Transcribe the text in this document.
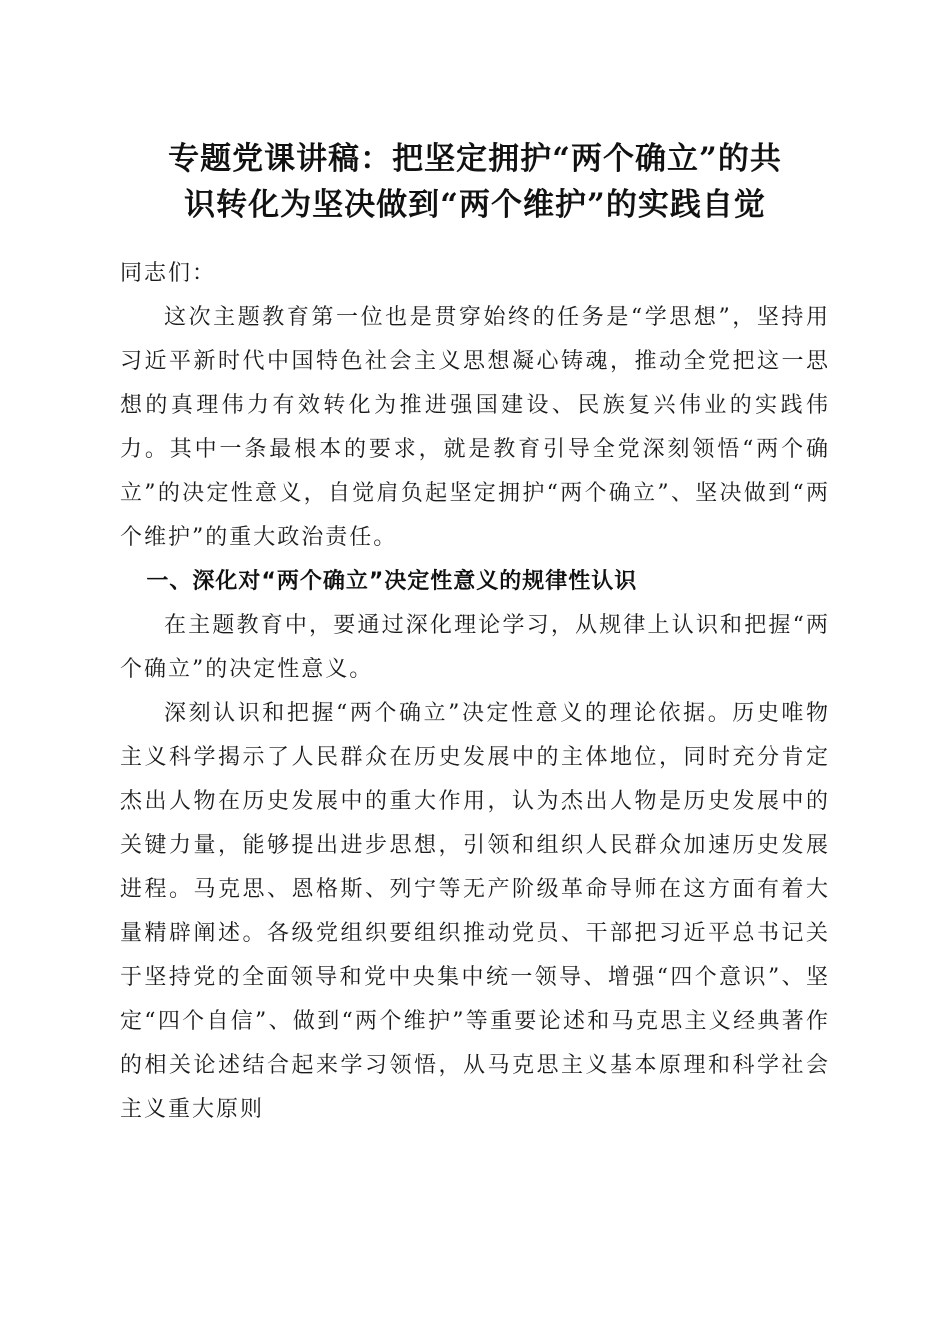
专题党课讲稿：把坚定拥护“两个确立”的共
识转化为坚决做到“两个维护”的实践自觉

同志们：

这次主题教育第一位也是贯穿始终的任务是“学思想”，坚持用习近平新时代中国特色社会主义思想凝心铸魂，推动全党把这一思想的真理伟力有效转化为推进强国建设、民族复兴伟业的实践伟力。其中一条最根本的要求，就是教育引导全党深刻领悟“两个确立”的决定性意义，自觉肩负起坚定拥护“两个确立”、坚决做到“两个维护”的重大政治责任。

一、深化对“两个确立”决定性意义的规律性认识

在主题教育中，要通过深化理论学习，从规律上认识和把握“两个确立”的决定性意义。

深刻认识和把握“两个确立”决定性意义的理论依据。历史唯物主义科学揭示了人民群众在历史发展中的主体地位，同时充分肯定杰出人物在历史发展中的重大作用，认为杰出人物是历史发展中的关键力量，能够提出进步思想，引领和组织人民群众加速历史发展进程。马克思、恩格斯、列宁等无产阶级革命导师在这方面有着大量精辟阐述。各级党组织要组织推动党员、干部把习近平总书记关于坚持党的全面领导和党中央集中统一领导、增强“四个意识”、坚定“四个自信”、做到“两个维护”等重要论述和马克思主义经典著作的相关论述结合起来学习领悟，从马克思主义基本原理和科学社会主义重大原则
